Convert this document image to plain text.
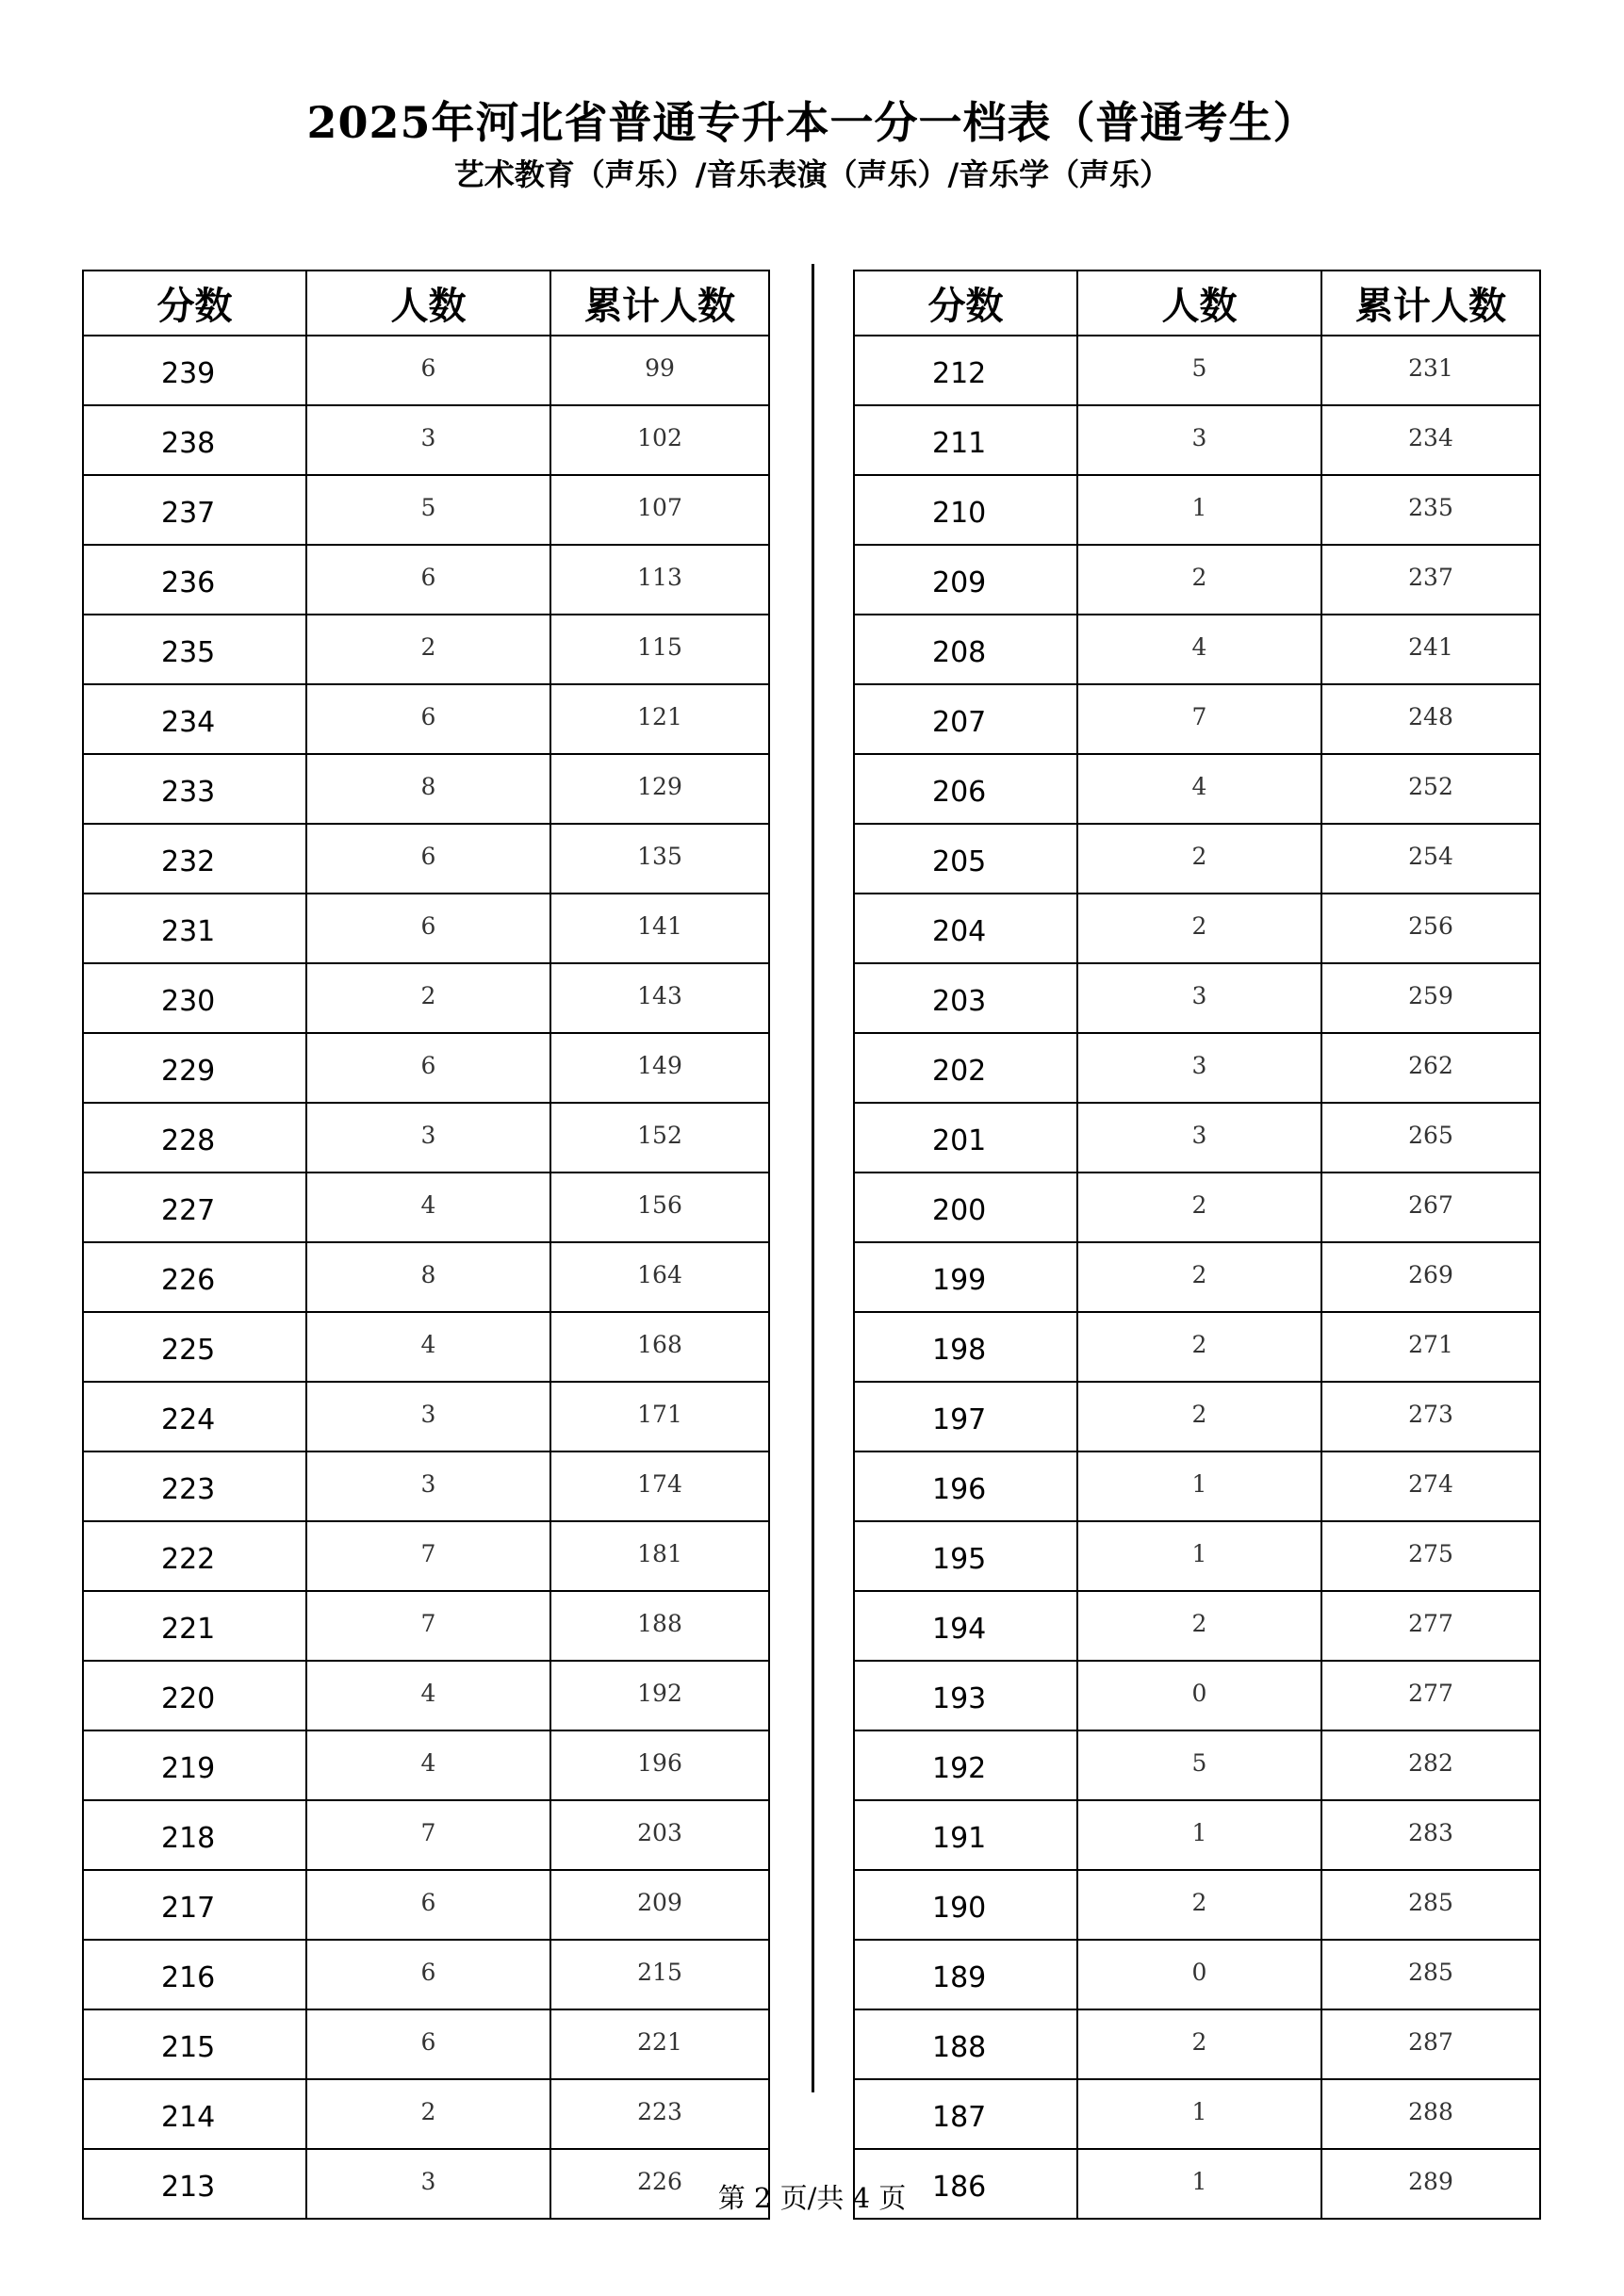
2025年河北省普通专升本一分一档表（普通考生）
艺术教育（声乐）/音乐表演（声乐）/音乐学（声乐）
分数	人数	累计人数
239	6	99
238	3	102
237	5	107
236	6	113
235	2	115
234	6	121
233	8	129
232	6	135
231	6	141
230	2	143
229	6	149
228	3	152
227	4	156
226	8	164
225	4	168
224	3	171
223	3	174
222	7	181
221	7	188
220	4	192
219	4	196
218	7	203
217	6	209
216	6	215
215	6	221
214	2	223
213	3	226
分数	人数	累计人数
212	5	231
211	3	234
210	1	235
209	2	237
208	4	241
207	7	248
206	4	252
205	2	254
204	2	256
203	3	259
202	3	262
201	3	265
200	2	267
199	2	269
198	2	271
197	2	273
196	1	274
195	1	275
194	2	277
193	0	277
192	5	282
191	1	283
190	2	285
189	0	285
188	2	287
187	1	288
186	1	289
第 2 页/共 4 页
